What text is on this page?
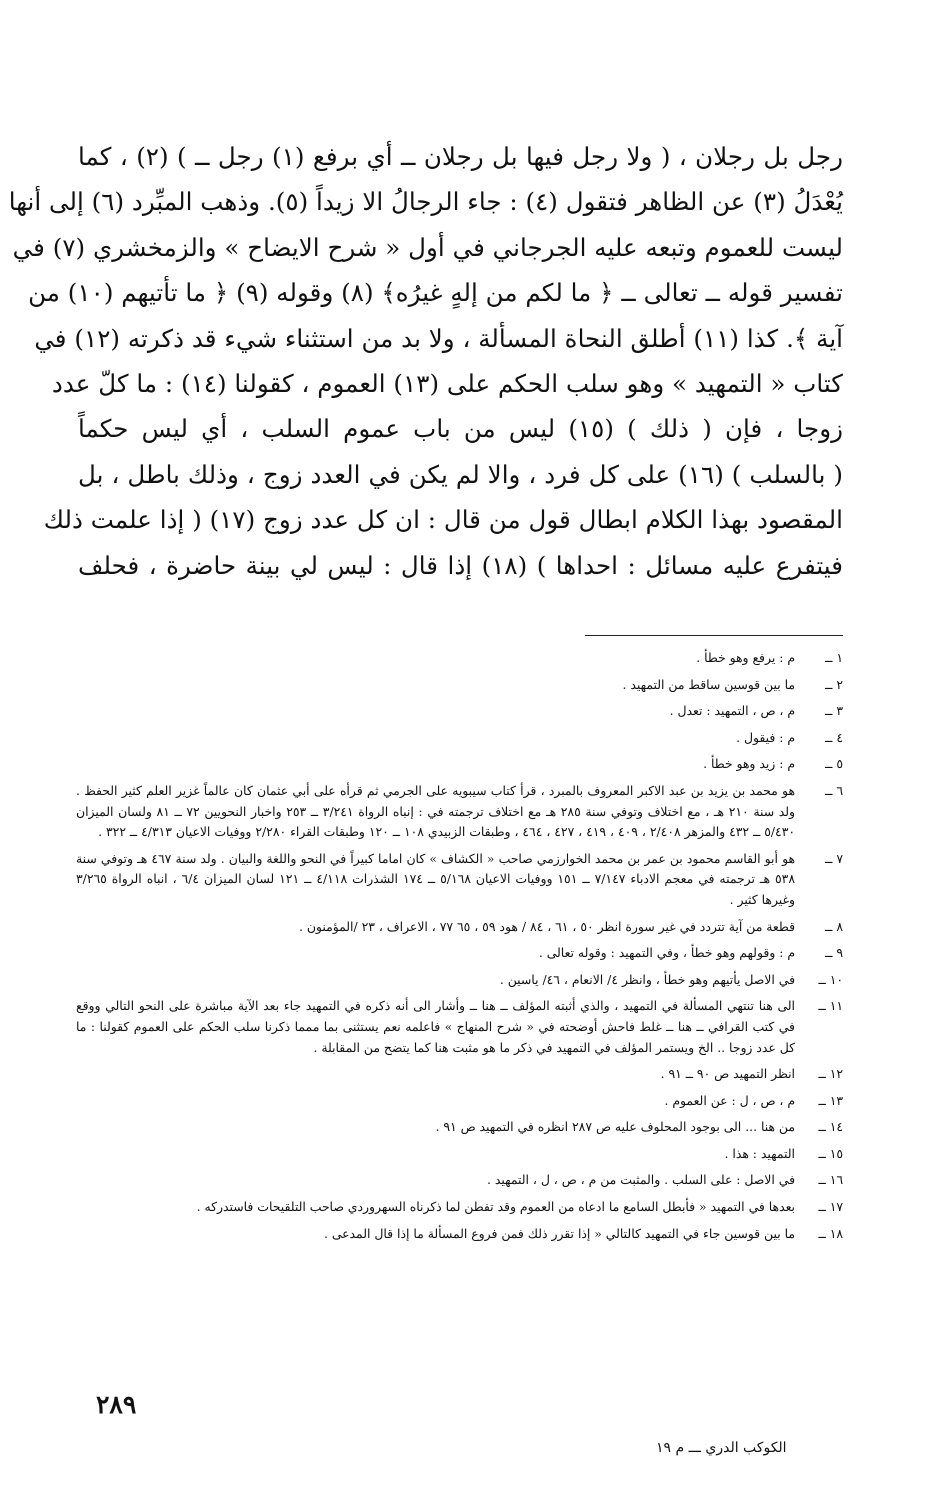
رجل بل رجلان ، ( ولا رجل فيها بل رجلان ــ أي برفع (١) رجل ــ ) (٢) ، كما
يُعْدَلُ (٣) عن الظاهر فتقول (٤) : جاء الرجالُ الا زيداً (٥). وذهب المبِّرد (٦) إلى أنها
ليست للعموم وتبعه عليه الجرجاني في أول « شرح الايضاح » والزمخشري (٧) في
تفسير قوله ــ تعالى ــ ﴿ ما لكم من إلهٍ غيرُه﴾ (٨) وقوله (٩) ﴿ ما تأتيهم (١٠) من
آية ﴾. كذا (١١) أطلق النحاة المسألة ، ولا بد من استثناء شيء قد ذكرته (١٢) في
كتاب « التمهيد » وهو سلب الحكم على (١٣) العموم ، كقولنا (١٤) : ما كلّ عدد
زوجا ، فإن ( ذلك ) (١٥) ليس من باب عموم السلب ، أي ليس حكماً
( بالسلب ) (١٦) على كل فرد ، والا لم يكن في العدد زوج ، وذلك باطل ، بل
المقصود بهذا الكلام ابطال قول من قال : ان كل عدد زوج (١٧) ( إذا علمت ذلك
فيتفرع عليه مسائل : احداها ) (١٨) إذا قال : ليس لي بينة حاضرة ، فحلف
١ ــ
م : يرفع وهو خطأ .
٢ ــ
ما بين قوسين ساقط من التمهيد .
٣ ــ
م ، ص ، التمهيد : تعدل .
٤ ــ
م : فيقول .
٥ ــ
م : زيد وهو خطأ .
٦ ــ
هو محمد بن يزيد بن عبد الاكبر المعروف بالمبرد ، قرأ كتاب سيبويه على الجرمي ثم قرأه على أبي عثمان كان عالماً غزير العلم كثير الحفظ . ولد سنة ٢١٠ هـ ، مع اختلاف وتوفي سنة ٢٨٥ هـ مع اختلاف ترجمته في : إنباه الرواة ٣/٢٤١ ــ ٢٥٣ واخبار النحويين ٧٢ ــ ٨١ ولسان الميزان ٥/٤٣٠ ــ ٤٣٢ والمزهر ٢/٤٠٨ ، ٤٠٩ ، ٤١٩ ، ٤٢٧ ، ٤٦٤ ، وطبقات الزبيدي ١٠٨ ــ ١٢٠ وطبقات القراء ٢/٢٨٠ ووفيات الاعيان ٤/٣١٣ ــ ٣٢٢ .
٧ ــ
هو أبو القاسم محمود بن عمر بن محمد الخوارزمي صاحب « الكشاف » كان اماما كبيراً في النحو واللغة والبيان . ولد سنة ٤٦٧ هـ وتوفي سنة ٥٣٨ هـ ترجمته في معجم الادباء ٧/١٤٧ ــ ١٥١ ووفيات الاعيان ٥/١٦٨ ــ ١٧٤ الشذرات ٤/١١٨ ــ ١٢١ لسان الميزان ٦/٤ ، انباه الرواة ٣/٢٦٥ وغيرها كثير .
٨ ــ
قطعة من آية تتردد في غير سورة انظر ٥٠ ، ٦١ ، ٨٤ / هود ٥٩ ، ٦٥ ٧٧ ، الاعراف ، ٢٣ /المؤمنون .
٩ ــ
م : وقولهم وهو خطأ ، وفي التمهيد : وقوله تعالى .
١٠ ــ
في الاصل يأتيهم وهو خطأ ، وانظر ٤/ الانعام ، ٤٦/ ياسين .
١١ ــ
الى هنا تنتهي المسألة في التمهيد ، والذي أثبته المؤلف ــ هنا ــ وأشار الى أنه ذكره في التمهيد جاء بعد الآية مباشرة على النحو التالي ووقع في كتب القرافي ــ هنا ــ غلط فاحش أوضحته في « شرح المنهاج » فاعلمه نعم يستثنى بما ممما ذكرنا سلب الحكم على العموم كقولنا : ما كل عدد زوجا .. الخ ويستمر المؤلف في التمهيد في ذكر ما هو مثبت هنا كما يتضح من المقابلة .
١٢ ــ
انظر التمهيد ص ٩٠ ــ ٩١ .
١٣ ــ
م ، ص ، ل : عن العموم .
١٤ ــ
من هنا ... الى بوجود المحلوف عليه ص ٢٨٧ انظره في التمهيد ص ٩١ .
١٥ ــ
التمهيد : هذا .
١٦ ــ
في الاصل : على السلب . والمثبت من م ، ص ، ل ، التمهيد .
١٧ ــ
بعدها في التمهيد « فأبطل السامع ما ادعاه من العموم وقد تفطن لما ذكرناه السهروردي صاحب التلقيحات فاستدركه .
١٨ ــ
ما بين قوسين جاء في التمهيد كالتالي « إذا تقرر ذلك فمن فروع المسألة ما إذا قال المدعى .
٢٨٩
الكوكب الدري ـــ م ١٩
